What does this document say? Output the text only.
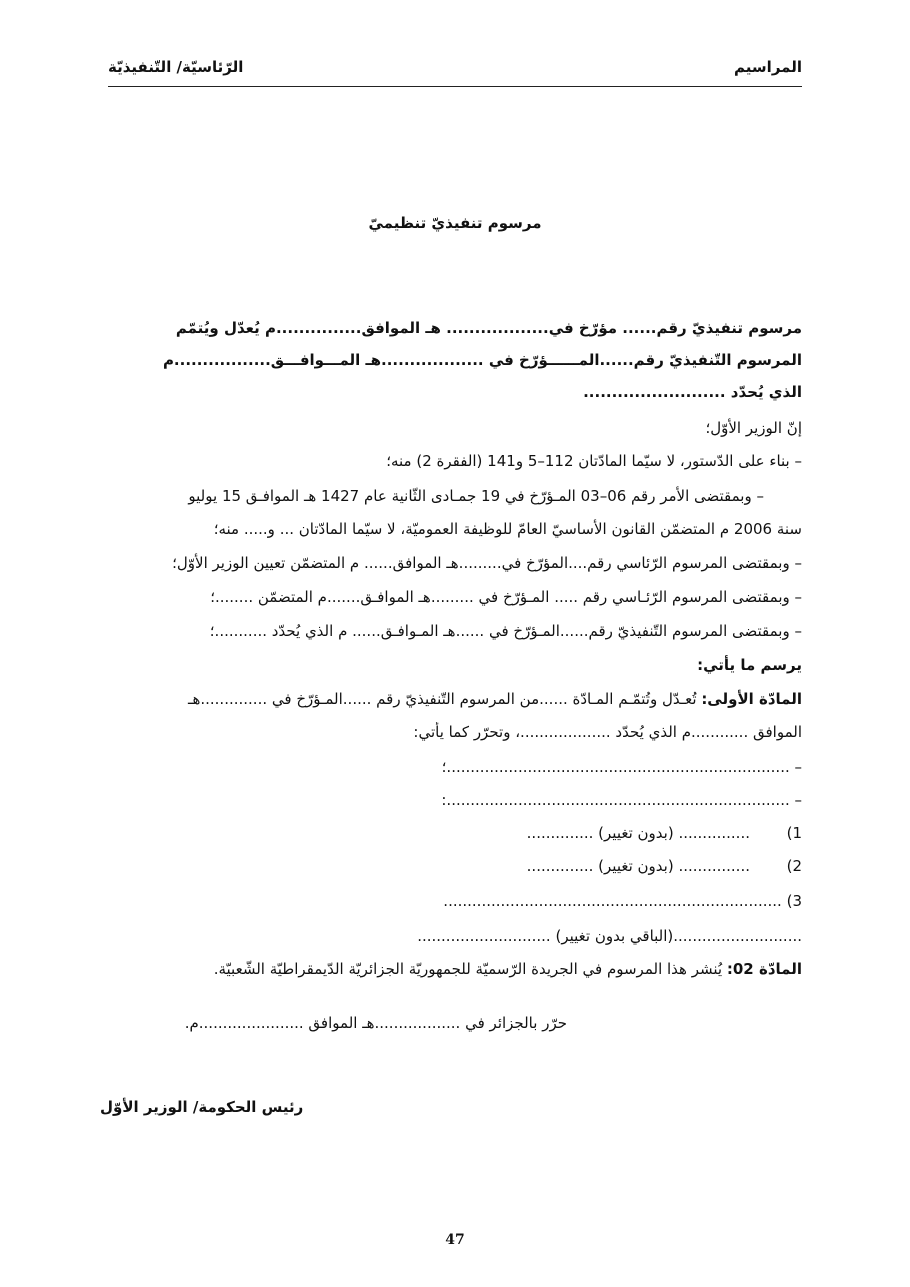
المراسيم
الرّئاسيّة/ التّنفيذيّة
مرسوم تنفيذيّ تنظيميّ
مرسوم تنفيذيّ رقم...... مؤرّخ في.................. هـ الموافق...............م يُعدّل ويُتمّم
المرسوم التّنفيذيّ رقم......المــــــؤرّخ في ..................هـ المـــوافـــق.................م
الذي يُحدّد .........................
إنّ الوزير الأوّل؛
– بناء على الدّستور، لا سيّما المادّتان 112–5 و141 (الفقرة 2) منه؛
– وبمقتضى الأمر رقم 06–03 المـؤرّخ في 19 جمـادى الثّانية عام 1427 هـ الموافـق 15 يوليو
سنة 2006 م المتضمّن القانون الأساسيّ العامّ للوظيفة العموميّة، لا سيّما المادّتان ... و..... منه؛
– وبمقتضى المرسوم الرّئاسي رقم....المؤرّخ في.........هـ الموافق...... م المتضمّن تعيين الوزير الأوّل؛
– وبمقتضى المرسوم الرّئـاسي رقم ..... المـؤرّخ في .........هـ الموافـق.......م المتضمّن ........؛
– وبمقتضى المرسوم التّنفيذيّ رقم......المـؤرّخ في ......هـ المـوافـق...... م الذي يُحدّد ...........؛
يرسم ما يأتي:
المادّة الأولى: تُعـدّل وتُتمّـم المـادّة ......من المرسوم التّنفيذيّ رقم ......المـؤرّخ في ..............هـ
الموافق ............م الذي يُحدّد ...................، وتحرّر كما يأتي:
– ........................................................................؛
– ........................................................................:
1)
............... (بدون تغيير) ..............
2)
............... (بدون تغيير) ..............
3) .......................................................................
...........................(الباقي بدون تغيير) ............................
المادّة 02: يُنشر هذا المرسوم في الجريدة الرّسميّة للجمهوريّة الجزائريّة الدّيمقراطيّة الشّعبيّة.
حرّر بالجزائر في ..................هـ الموافق ......................م.
رئيس الحكومة/ الوزير الأوّل
47
